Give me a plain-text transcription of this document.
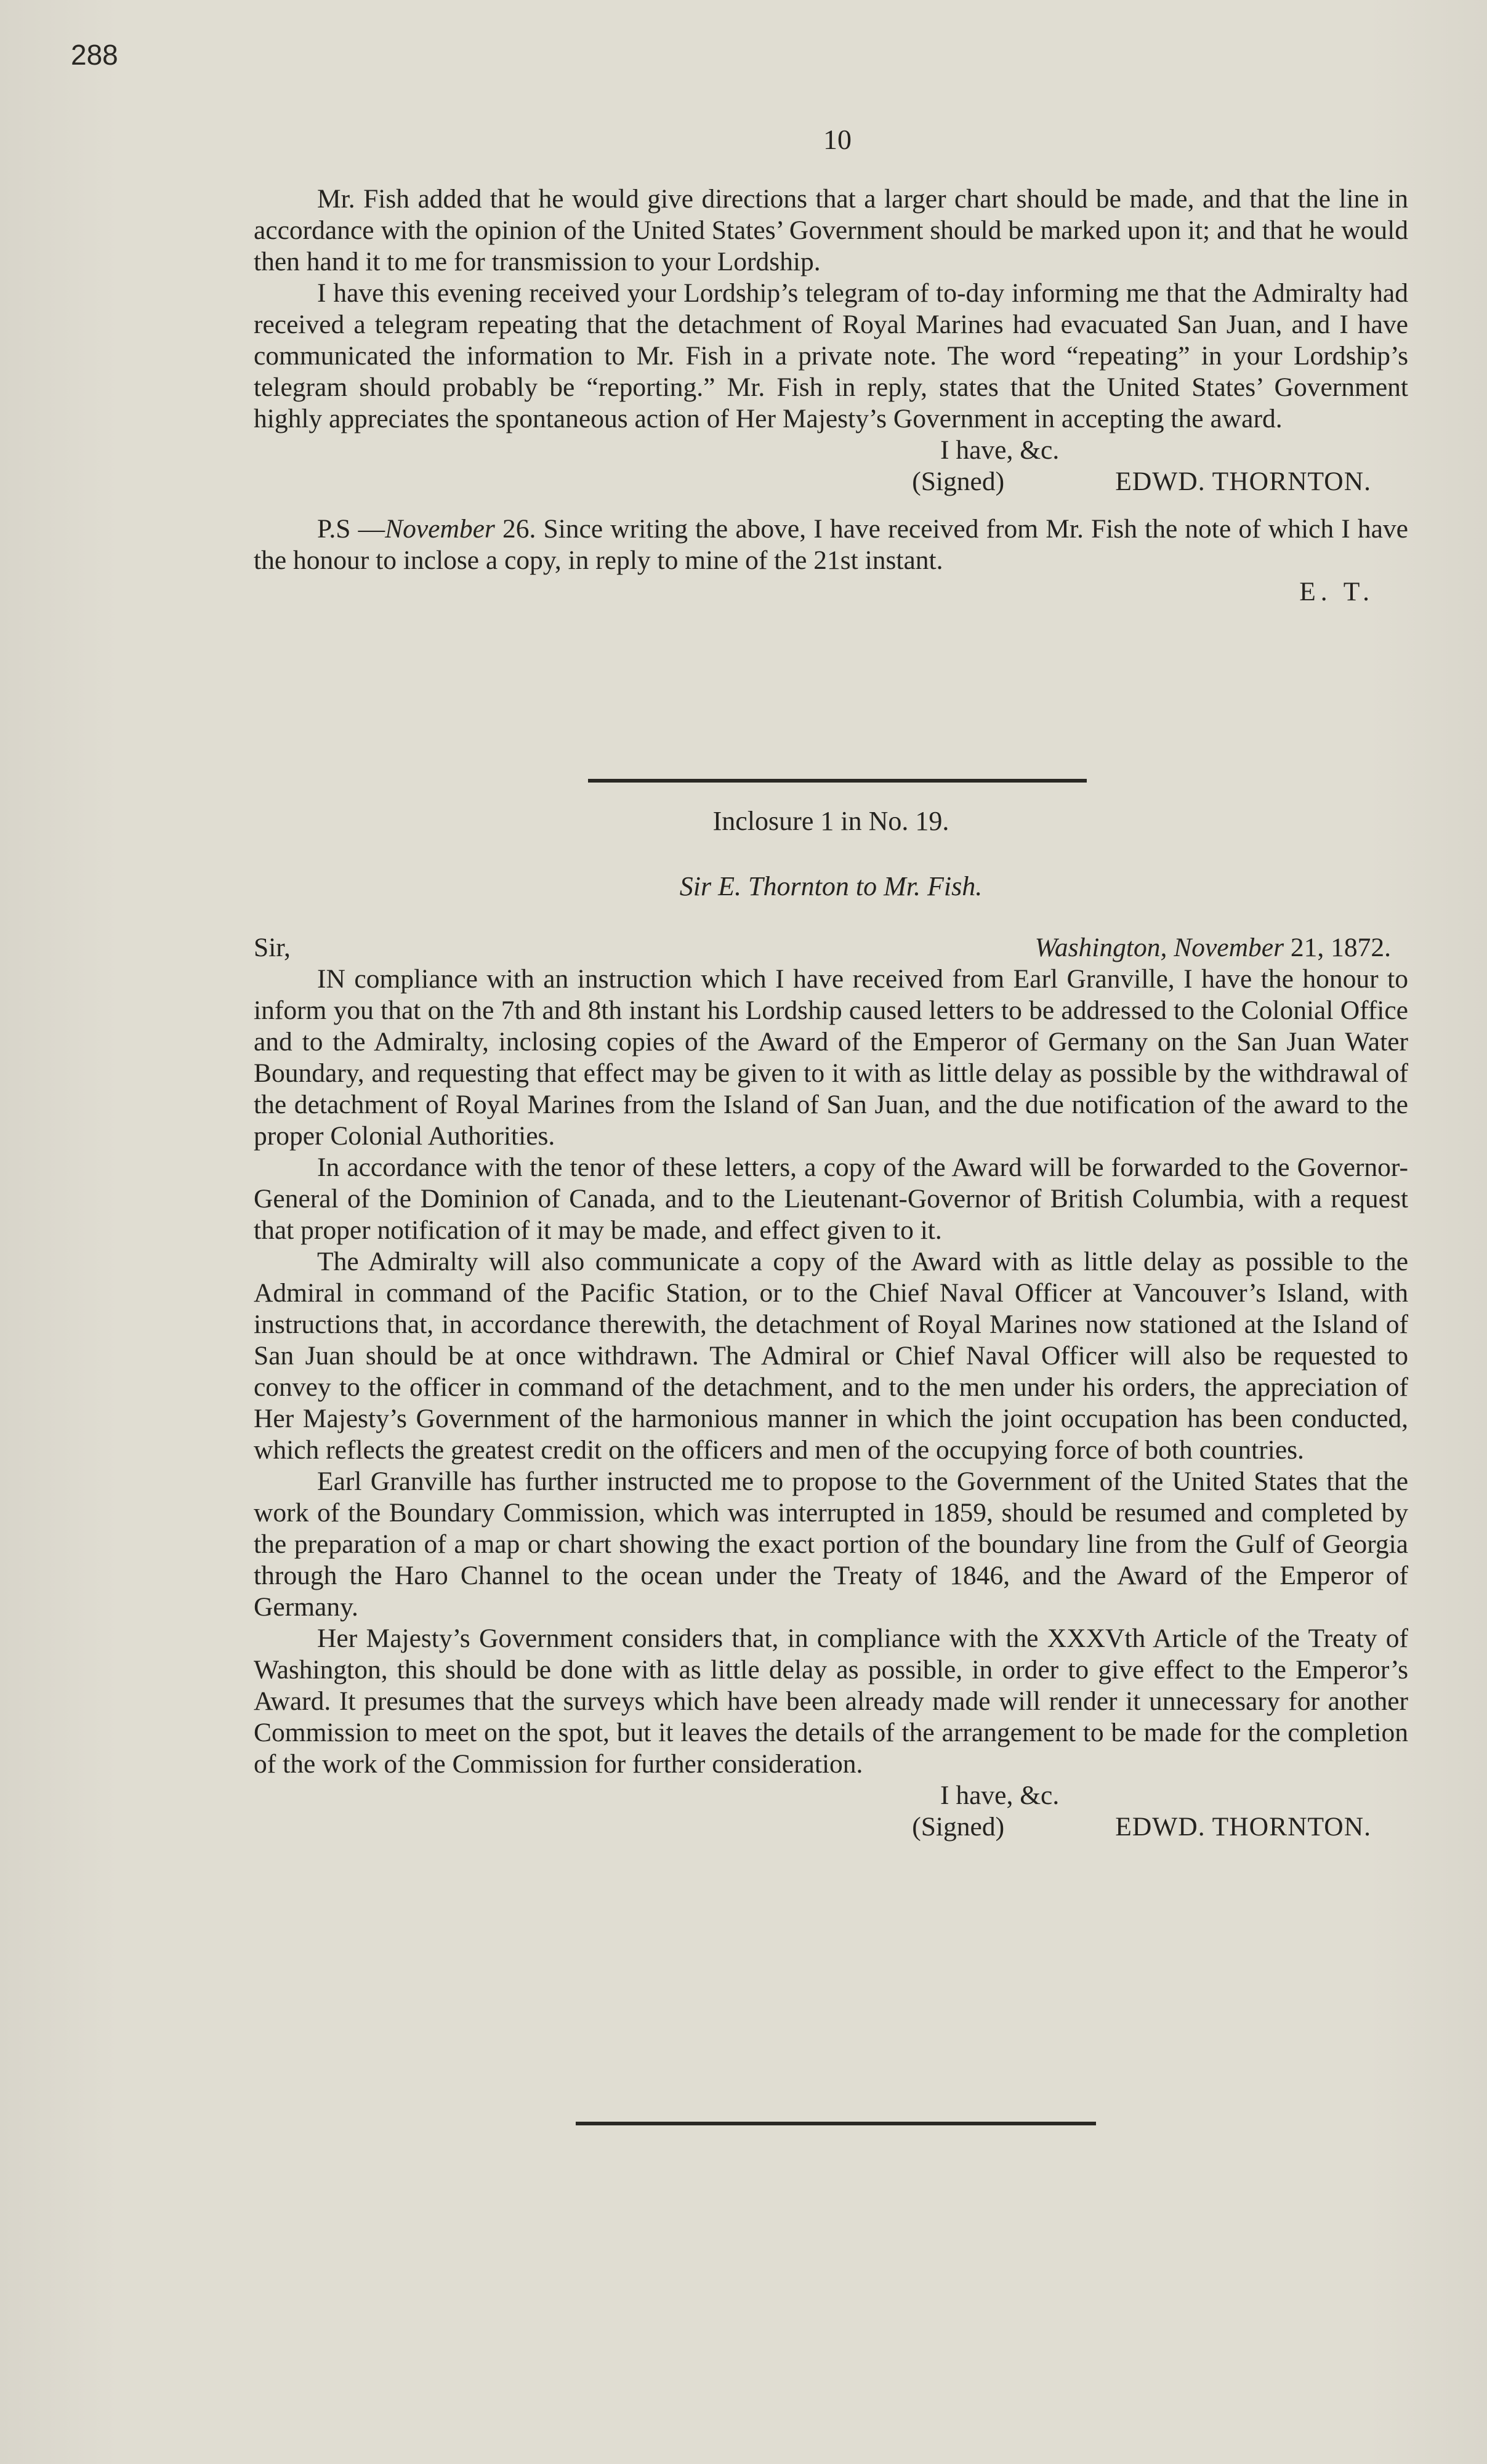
288
10

Mr. Fish added that he would give directions that a larger chart should be made, and that the line in accordance with the opinion of the United States’ Government should be marked upon it; and that he would then hand it to me for transmission to your Lordship.

I have this evening received your Lordship’s telegram of to-day informing me that the Admiralty had received a telegram repeating that the detachment of Royal Marines had evacuated San Juan, and I have communicated the information to Mr. Fish in a private note. The word “repeating” in your Lordship’s telegram should probably be “reporting.” Mr. Fish in reply, states that the United States’ Government highly appreciates the spontaneous action of Her Majesty’s Government in accepting the award.

I have, &c.

(Signed)	EDWD. THORNTON.

P.S —November 26. Since writing the above, I have received from Mr. Fish the note of which I have the honour to inclose a copy, in reply to mine of the 21st instant.

E. T.

Inclosure 1 in No. 19.
Sir E. Thornton to Mr. Fish.

Sir,	Washington, November 21, 1872.

IN compliance with an instruction which I have received from Earl Granville, I have the honour to inform you that on the 7th and 8th instant his Lordship caused letters to be addressed to the Colonial Office and to the Admiralty, inclosing copies of the Award of the Emperor of Germany on the San Juan Water Boundary, and requesting that effect may be given to it with as little delay as possible by the withdrawal of the detachment of Royal Marines from the Island of San Juan, and the due notification of the award to the proper Colonial Authorities.

In accordance with the tenor of these letters, a copy of the Award will be forwarded to the Governor-General of the Dominion of Canada, and to the Lieutenant-Governor of British Columbia, with a request that proper notification of it may be made, and effect given to it.

The Admiralty will also communicate a copy of the Award with as little delay as possible to the Admiral in command of the Pacific Station, or to the Chief Naval Officer at Vancouver’s Island, with instructions that, in accordance therewith, the detachment of Royal Marines now stationed at the Island of San Juan should be at once withdrawn. The Admiral or Chief Naval Officer will also be requested to convey to the officer in command of the detachment, and to the men under his orders, the appreciation of Her Majesty’s Government of the harmonious manner in which the joint occupation has been conducted, which reflects the greatest credit on the officers and men of the occupying force of both countries.

Earl Granville has further instructed me to propose to the Government of the United States that the work of the Boundary Commission, which was interrupted in 1859, should be resumed and completed by the preparation of a map or chart showing the exact portion of the boundary line from the Gulf of Georgia through the Haro Channel to the ocean under the Treaty of 1846, and the Award of the Emperor of Germany.

Her Majesty’s Government considers that, in compliance with the XXXVth Article of the Treaty of Washington, this should be done with as little delay as possible, in order to give effect to the Emperor’s Award. It presumes that the surveys which have been already made will render it unnecessary for another Commission to meet on the spot, but it leaves the details of the arrangement to be made for the completion of the work of the Commission for further consideration.

I have, &c.

(Signed)	EDWD. THORNTON.
